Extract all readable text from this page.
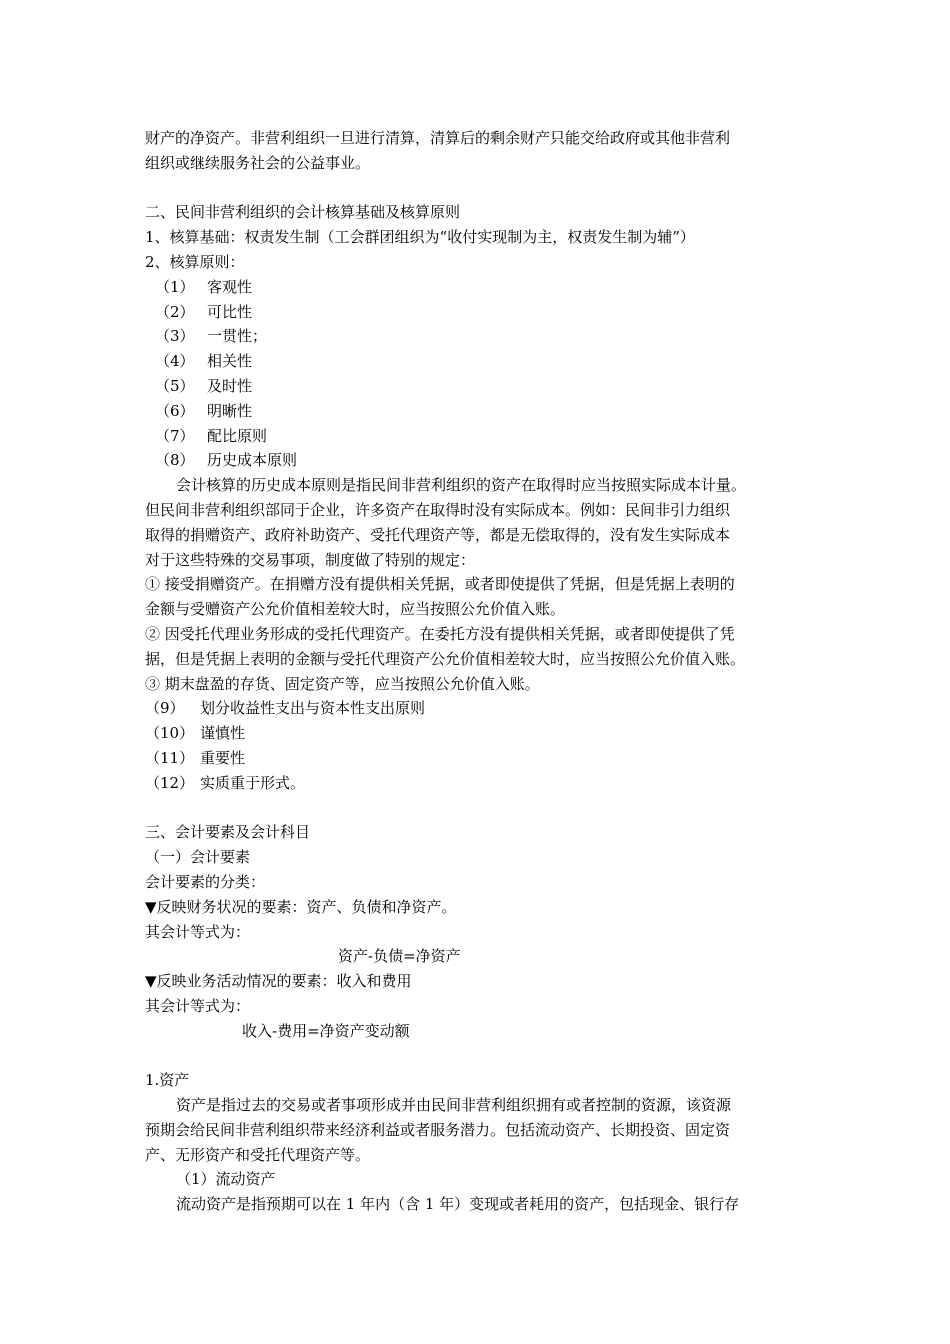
财产的净资产。非营利组织一旦进行清算，清算后的剩余财产只能交给政府或其他非营利

组织或继续服务社会的公益事业。

二、民间非营利组织的会计核算基础及核算原则

1、核算基础：权责发生制（工会群团组织为“收付实现制为主，权责发生制为辅”）

2、核算原则：

（1） 客观性

（2） 可比性

（3） 一贯性；

（4） 相关性

（5） 及时性

（6） 明晰性

（7） 配比原则

（8） 历史成本原则

会计核算的历史成本原则是指民间非营利组织的资产在取得时应当按照实际成本计量。

但民间非营利组织部同于企业，许多资产在取得时没有实际成本。例如：民间非引力组织

取得的捐赠资产、政府补助资产、受托代理资产等，都是无偿取得的，没有发生实际成本

对于这些特殊的交易事项，制度做了特别的规定：

① 接受捐赠资产。在捐赠方没有提供相关凭据，或者即使提供了凭据，但是凭据上表明的

金额与受赠资产公允价值相差较大时，应当按照公允价值入账。

② 因受托代理业务形成的受托代理资产。在委托方没有提供相关凭据，或者即使提供了凭

据，但是凭据上表明的金额与受托代理资产公允价值相差较大时，应当按照公允价值入账。

③ 期末盘盈的存货、固定资产等，应当按照公允价值入账。

（9） 划分收益性支出与资本性支出原则

（10） 谨慎性

（11） 重要性

（12） 实质重于形式。

三、会计要素及会计科目

（一）会计要素

会计要素的分类：

▼反映财务状况的要素：资产、负债和净资产。

其会计等式为：

资产-负债=净资产

▼反映业务活动情况的要素：收入和费用

其会计等式为：

收入-费用=净资产变动额

1.资产

资产是指过去的交易或者事项形成并由民间非营利组织拥有或者控制的资源，该资源

预期会给民间非营利组织带来经济利益或者服务潜力。包括流动资产、长期投资、固定资

产、无形资产和受托代理资产等。

（1）流动资产

流动资产是指预期可以在 1 年内（含 1 年）变现或者耗用的资产，包括现金、银行存
